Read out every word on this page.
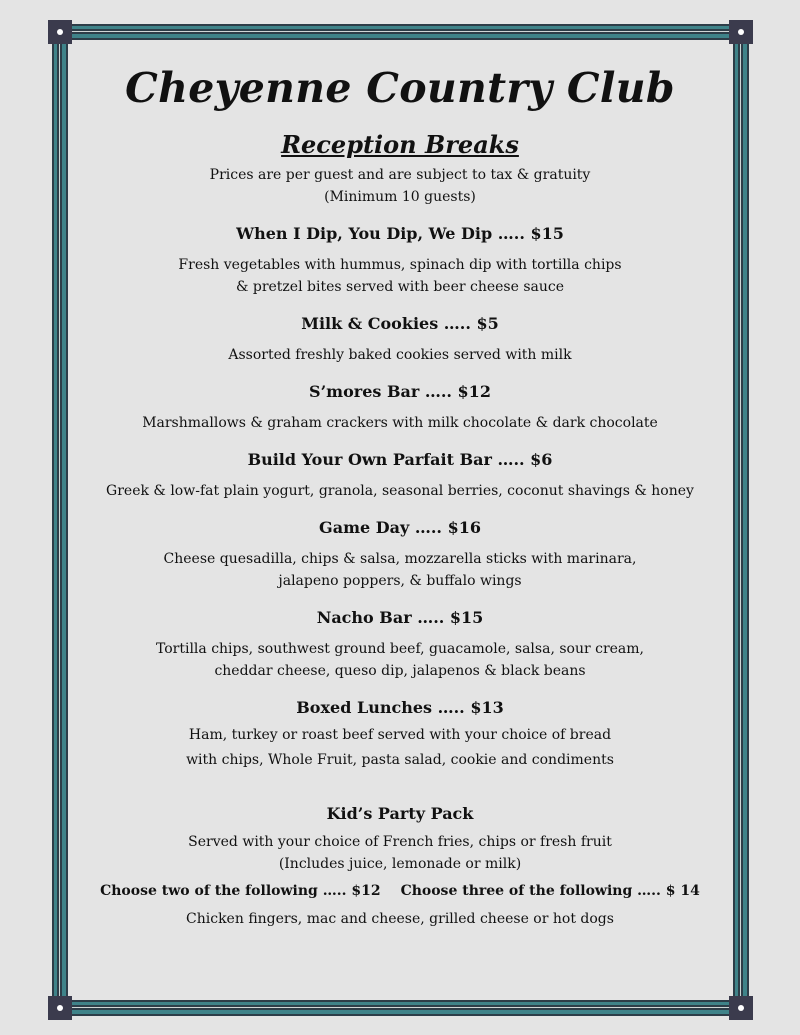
Cheyenne Country Club
Reception Breaks
Prices are per guest and are subject to tax & gratuity
(Minimum 10 guests)
When I Dip, You Dip, We Dip ….. $15
Fresh vegetables with hummus, spinach dip with tortilla chips
& pretzel bites served with beer cheese sauce
Milk & Cookies ….. $5
Assorted freshly baked cookies served with milk
S’mores Bar ….. $12
Marshmallows & graham crackers with milk chocolate & dark chocolate
Build Your Own Parfait Bar ….. $6
Greek & low-fat plain yogurt, granola, seasonal berries, coconut shavings & honey
Game Day ….. $16
Cheese quesadilla, chips & salsa, mozzarella sticks with marinara,
jalapeno poppers, & buffalo wings
Nacho Bar ….. $15
Tortilla chips, southwest ground beef, guacamole, salsa, sour cream,
cheddar cheese, queso dip, jalapenos & black beans
Boxed Lunches ….. $13
Ham, turkey or roast beef served with your choice of bread
with chips, Whole Fruit, pasta salad, cookie and condiments
Kid’s Party Pack
Served with your choice of French fries, chips or fresh fruit
(Includes juice, lemonade or milk)
Choose two of the following ….. $12 Choose three of the following ….. $ 14
Chicken fingers, mac and cheese, grilled cheese or hot dogs
